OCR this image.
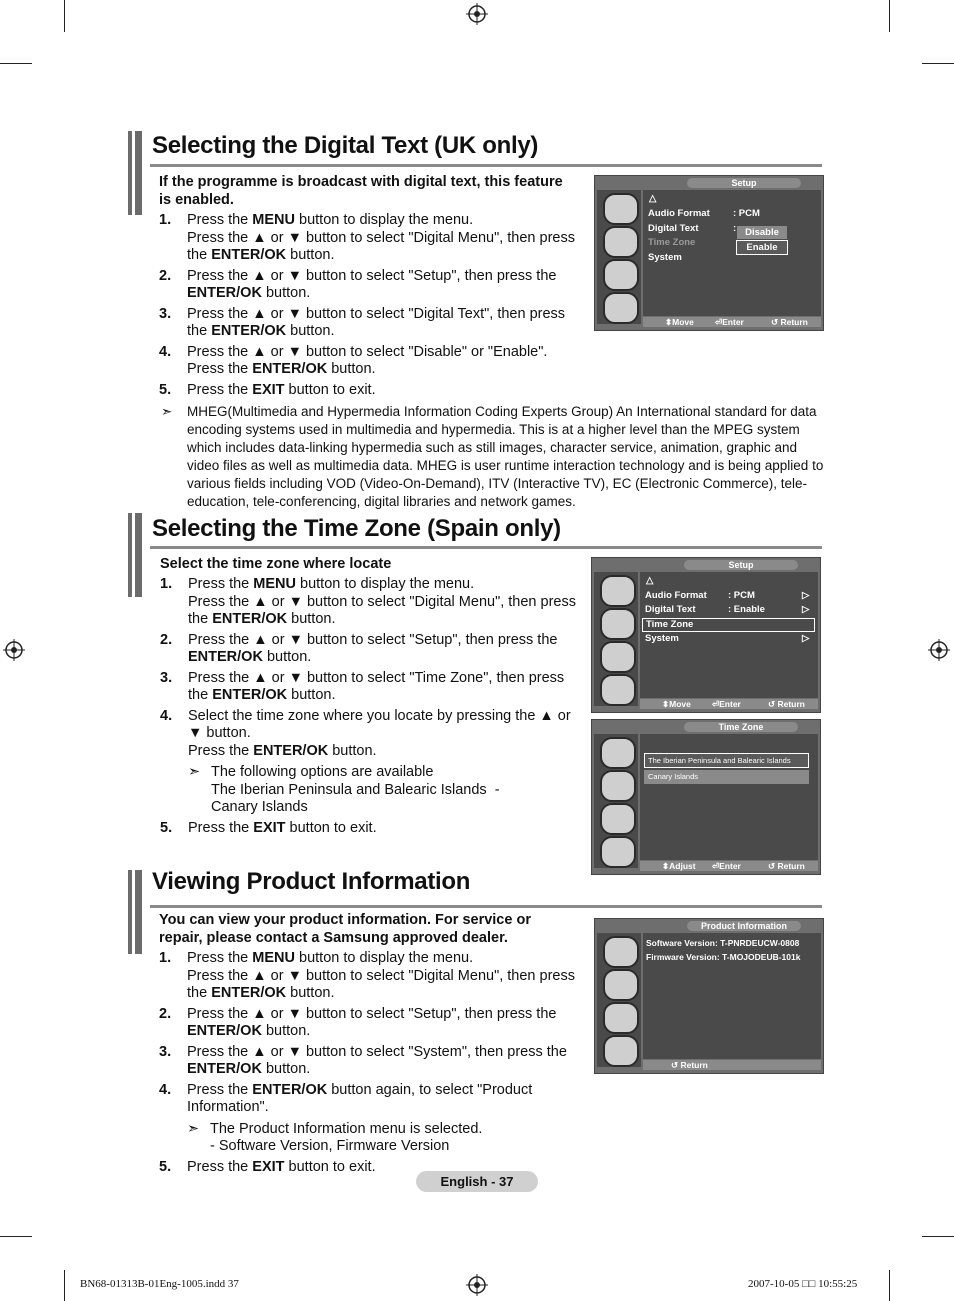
Selecting the Digital Text (UK only)
If the programme is broadcast with digital text, this feature is enabled.
1. Press the MENU button to display the menu.
Press the ▲ or ▼ button to select "Digital Menu", then press the ENTER/OK button.
2. Press the ▲ or ▼ button to select "Setup", then press the ENTER/OK button.
3. Press the ▲ or ▼ button to select "Digital Text", then press the ENTER/OK button.
4. Press the ▲ or ▼ button to select "Disable" or "Enable". Press the ENTER/OK button.
5. Press the EXIT button to exit.
➣ MHEG(Multimedia and Hypermedia Information Coding Experts Group) An International standard for data encoding systems used in multimedia and hypermedia. This is at a higher level than the MPEG system which includes data-linking hypermedia such as still images, character service, animation, graphic and video files as well as multimedia data. MHEG is user runtime interaction technology and is being applied to various fields including VOD (Video-On-Demand), ITV (Interactive TV), EC (Electronic Commerce), tele-education, tele-conferencing, digital libraries and network games.
Setup
△
Audio Format : PCM
Digital Text	:
Time Zone
System
Disable
Enable
⬍Move ⏎Enter	↺ Return
Selecting the Time Zone (Spain only)
Select the time zone where locate
1. Press the MENU button to display the menu.
Press the ▲ or ▼ button to select "Digital Menu", then press the ENTER/OK button.
2. Press the ▲ or ▼ button to select "Setup", then press the ENTER/OK button.
3. Press the ▲ or ▼ button to select "Time Zone", then press the ENTER/OK button.
4. Select the time zone where you locate by pressing the ▲ or ▼ button.
Press the ENTER/OK button.
➣ The following options are available
The Iberian Peninsula and Balearic Islands  -
Canary Islands
5. Press the EXIT button to exit.
Setup
△
Audio Format : PCM	▷
Digital Text	: Enable	▷
Time Zone
System	▷
⬍Move ⏎Enter	↺ Return
Time Zone
The Iberian Peninsula and Balearic Islands
Canary Islands
⬍Adjust ⏎Enter	↺ Return
Viewing Product Information
You can view your product information. For service or repair, please contact a Samsung approved dealer.
1. Press the MENU button to display the menu.
Press the ▲ or ▼ button to select "Digital Menu", then press the ENTER/OK button.
2. Press the ▲ or ▼ button to select "Setup", then press the ENTER/OK button.
3. Press the ▲ or ▼ button to select "System", then press the ENTER/OK button.
4. Press the ENTER/OK button again, to select "Product Information".
➣ The Product Information menu is selected.
- Software Version, Firmware Version
5. Press the EXIT button to exit.
Product Information
Software Version: T-PNRDEUCW-0808
Firmware Version: T-MOJODEUB-101k
↺ Return
English - 37
BN68-01313B-01Eng-1005.indd 37	2007-10-05 □□ 10:55:25
